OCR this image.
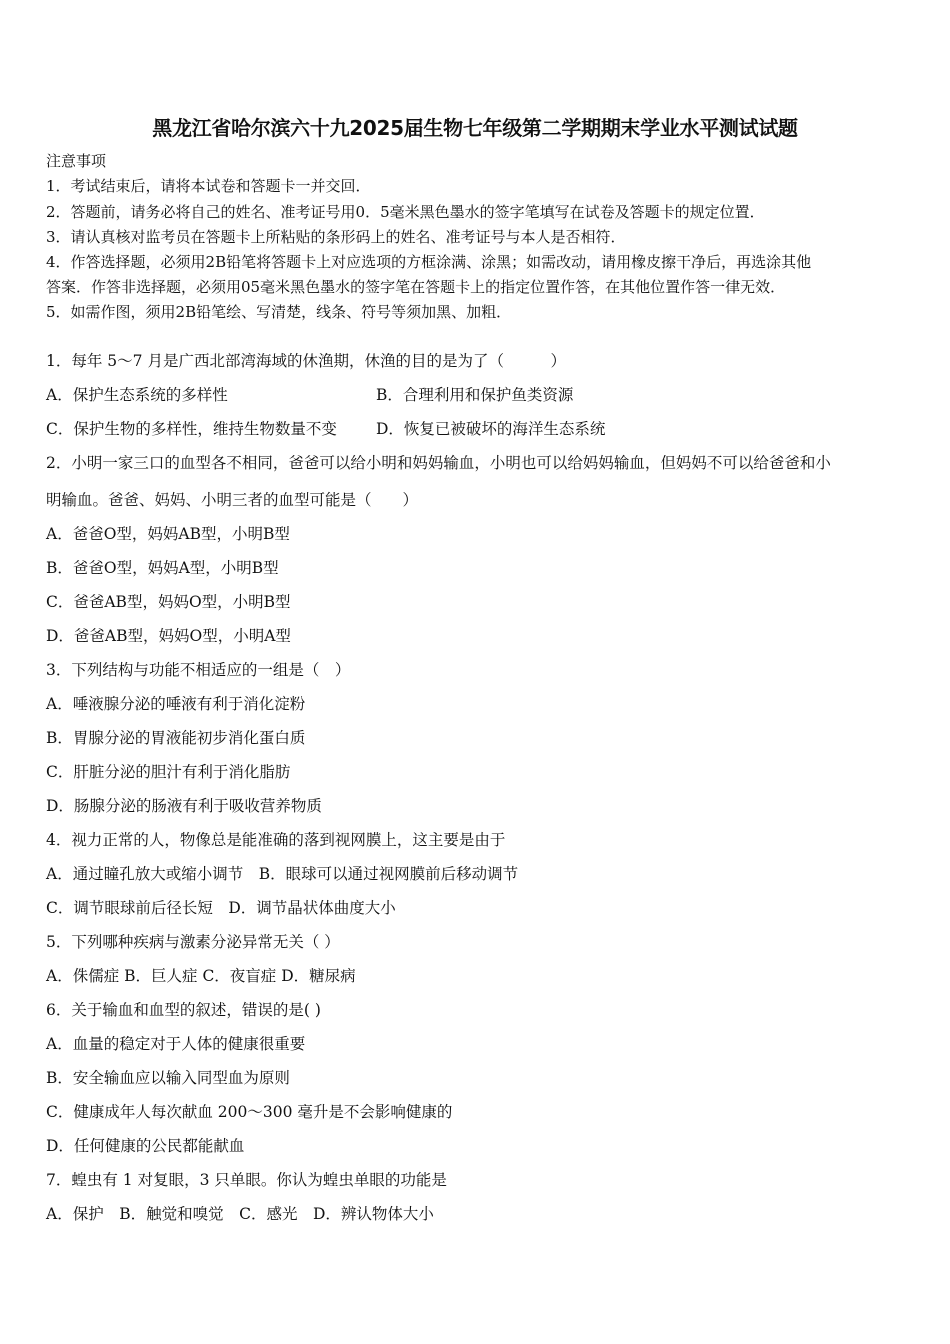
黑龙江省哈尔滨六十九2025届生物七年级第二学期期末学业水平测试试题
注意事项
1．考试结束后，请将本试卷和答题卡一并交回．
2．答题前，请务必将自己的姓名、准考证号用0．5毫米黑色墨水的签字笔填写在试卷及答题卡的规定位置．
3．请认真核对监考员在答题卡上所粘贴的条形码上的姓名、准考证号与本人是否相符．
4．作答选择题，必须用2B铅笔将答题卡上对应选项的方框涂满、涂黑；如需改动，请用橡皮擦干净后，再选涂其他
答案．作答非选择题，必须用05毫米黑色墨水的签字笔在答题卡上的指定位置作答，在其他位置作答一律无效．
5．如需作图，须用2B铅笔绘、写清楚，线条、符号等须加黑、加粗．
1．每年 5～7 月是广西北部湾海域的休渔期，休渔的目的是为了（　　　）
A．保护生态系统的多样性	B．合理利用和保护鱼类资源
C．保护生物的多样性，维持生物数量不变	D．恢复已被破坏的海洋生态系统
2．小明一家三口的血型各不相同，爸爸可以给小明和妈妈输血，小明也可以给妈妈输血，但妈妈不可以给爸爸和小
明输血。爸爸、妈妈、小明三者的血型可能是（　　）
A．爸爸O型，妈妈AB型，小明B型
B．爸爸O型，妈妈A型，小明B型
C．爸爸AB型，妈妈O型，小明B型
D．爸爸AB型，妈妈O型，小明A型
3．下列结构与功能不相适应的一组是（　）
A．唾液腺分泌的唾液有利于消化淀粉
B．胃腺分泌的胃液能初步消化蛋白质
C．肝脏分泌的胆汁有利于消化脂肪
D．肠腺分泌的肠液有利于吸收营养物质
4．视力正常的人，物像总是能准确的落到视网膜上，这主要是由于
A．通过瞳孔放大或缩小调节　B．眼球可以通过视网膜前后移动调节
C．调节眼球前后径长短　D．调节晶状体曲度大小
5．下列哪种疾病与激素分泌异常无关（ ）
A．侏儒症 B．巨人症 C．夜盲症 D．糖尿病
6．关于输血和血型的叙述，错误的是( )
A．血量的稳定对于人体的健康很重要
B．安全输血应以输入同型血为原则
C．健康成年人每次献血 200～300 毫升是不会影响健康的
D．任何健康的公民都能献血
7．蝗虫有 1 对复眼，3 只单眼。你认为蝗虫单眼的功能是
A．保护　B．触觉和嗅觉　C．感光　D．辨认物体大小
